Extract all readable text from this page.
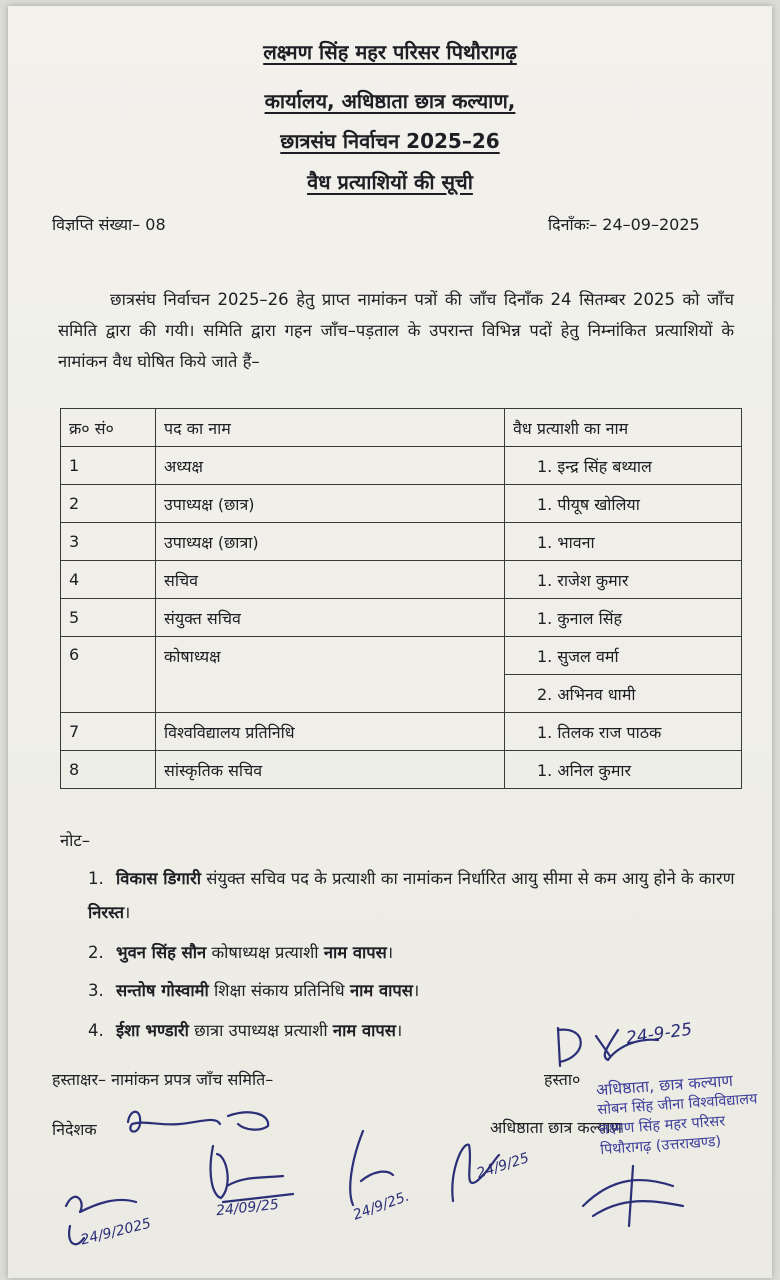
लक्ष्मण सिंह महर परिसर पिथौरागढ़
कार्यालय, अधिष्ठाता छात्र कल्याण,
छात्रसंघ निर्वाचन 2025–26
वैध प्रत्याशियों की सूची
विज्ञप्ति संख्या– 08	दिनाँकः– 24–09–2025
छात्रसंघ निर्वाचन 2025–26 हेतु प्राप्त नामांकन पत्रों की जाँच दिनाँक 24 सितम्बर 2025 को जाँच समिति द्वारा की गयी। समिति द्वारा गहन जाँच–पड़ताल के उपरान्त विभिन्न पदों हेतु निम्नांकित प्रत्याशियों के नामांकन वैध घोषित किये जाते हैं–
क्र० सं०	पद का नाम	वैध प्रत्याशी का नाम
1	अध्यक्ष	1. इन्द्र सिंह बथ्याल
2	उपाध्यक्ष (छात्र)	1. पीयूष खोलिया
3	उपाध्यक्ष (छात्रा)	1. भावना
4	सचिव	1. राजेश कुमार
5	संयुक्त सचिव	1. कुनाल सिंह
6	कोषाध्यक्ष	1. सुजल वर्मा
		2. अभिनव धामी
7	विश्वविद्यालय प्रतिनिधि	1. तिलक राज पाठक
8	सांस्कृतिक सचिव	1. अनिल कुमार
नोट–
1. विकास डिगारी संयुक्त सचिव पद के प्रत्याशी का नामांकन निर्धारित आयु सीमा से कम आयु होने के कारण निरस्त।
2. भुवन सिंह सौन कोषाध्यक्ष प्रत्याशी नाम वापस।
3. सन्तोष गोस्वामी शिक्षा संकाय प्रतिनिधि नाम वापस।
4. ईशा भण्डारी छात्रा उपाध्यक्ष प्रत्याशी नाम वापस।
हस्ताक्षर– नामांकन प्रपत्र जाँच समिति–	हस्ता०
निदेशक	अधिष्ठाता छात्र कल्याण
24-9-25
अधिष्ठाता, छात्र कल्याण
सोबन सिंह जीना विश्वविद्यालय
लक्ष्मण सिंह महर परिसर
पिथौरागढ़ (उत्तराखण्ड)
24/9/2025
24/09/25	24/9/25.
24/9/25
